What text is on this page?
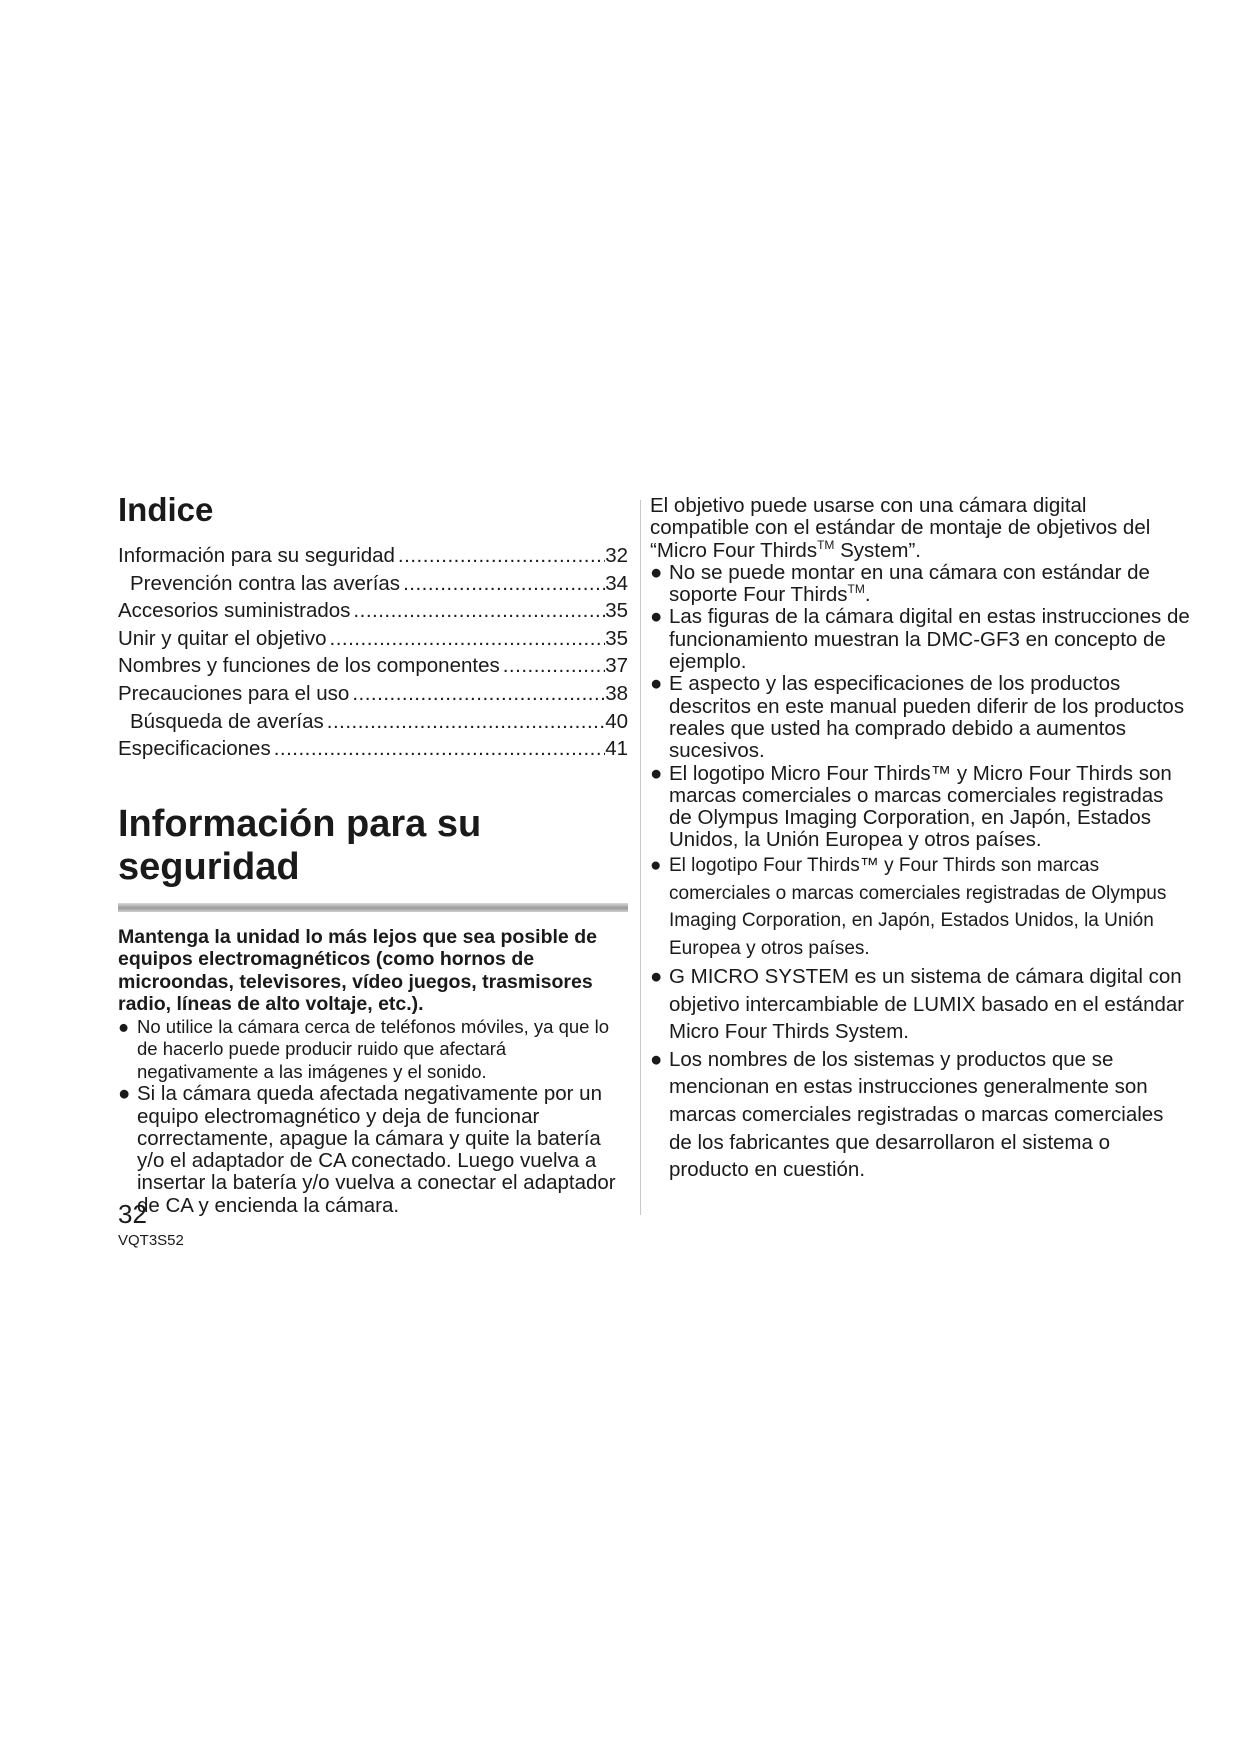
Indice
Información para su seguridad .....	32
Prevención contra las averías .....	34
Accesorios suministrados .....	35
Unir y quitar el objetivo .....	35
Nombres y funciones de los componentes .....	37
Precauciones para el uso .....	38
Búsqueda de averías .....	40
Especificaciones .....	41
Información para su
seguridad
Mantenga la unidad lo más lejos que sea posible de equipos electromagnéticos (como hornos de microondas, televisores, vídeo juegos, trasmisores radio, líneas de alto voltaje, etc.).
● No utilice la cámara cerca de teléfonos móviles, ya que lo de hacerlo puede producir ruido que afectará negativamente a las imágenes y el sonido.
● Si la cámara queda afectada negativamente por un equipo electromagnético y deja de funcionar correctamente, apague la cámara y quite la batería y/o el adaptador de CA conectado. Luego vuelva a insertar la batería y/o vuelva a conectar el adaptador de CA y encienda la cámara.
El objetivo puede usarse con una cámara digital compatible con el estándar de montaje de objetivos del “Micro Four Thirds™ System”.
● No se puede montar en una cámara con estándar de soporte Four Thirds™.
● Las figuras de la cámara digital en estas instrucciones de funcionamiento muestran la DMC-GF3 en concepto de ejemplo.
● E aspecto y las especificaciones de los productos descritos en este manual pueden diferir de los productos reales que usted ha comprado debido a aumentos sucesivos.
● El logotipo Micro Four Thirds™ y Micro Four Thirds son marcas comerciales o marcas comerciales registradas de Olympus Imaging Corporation, en Japón, Estados Unidos, la Unión Europea y otros países.
● El logotipo Four Thirds™ y Four Thirds son marcas comerciales o marcas comerciales registradas de Olympus Imaging Corporation, en Japón, Estados Unidos, la Unión Europea y otros países.
● G MICRO SYSTEM es un sistema de cámara digital con objetivo intercambiable de LUMIX basado en el estándar Micro Four Thirds System.
● Los nombres de los sistemas y productos que se mencionan en estas instrucciones generalmente son marcas comerciales registradas o marcas comerciales de los fabricantes que desarrollaron el sistema o producto en cuestión.
32
VQT3S52
